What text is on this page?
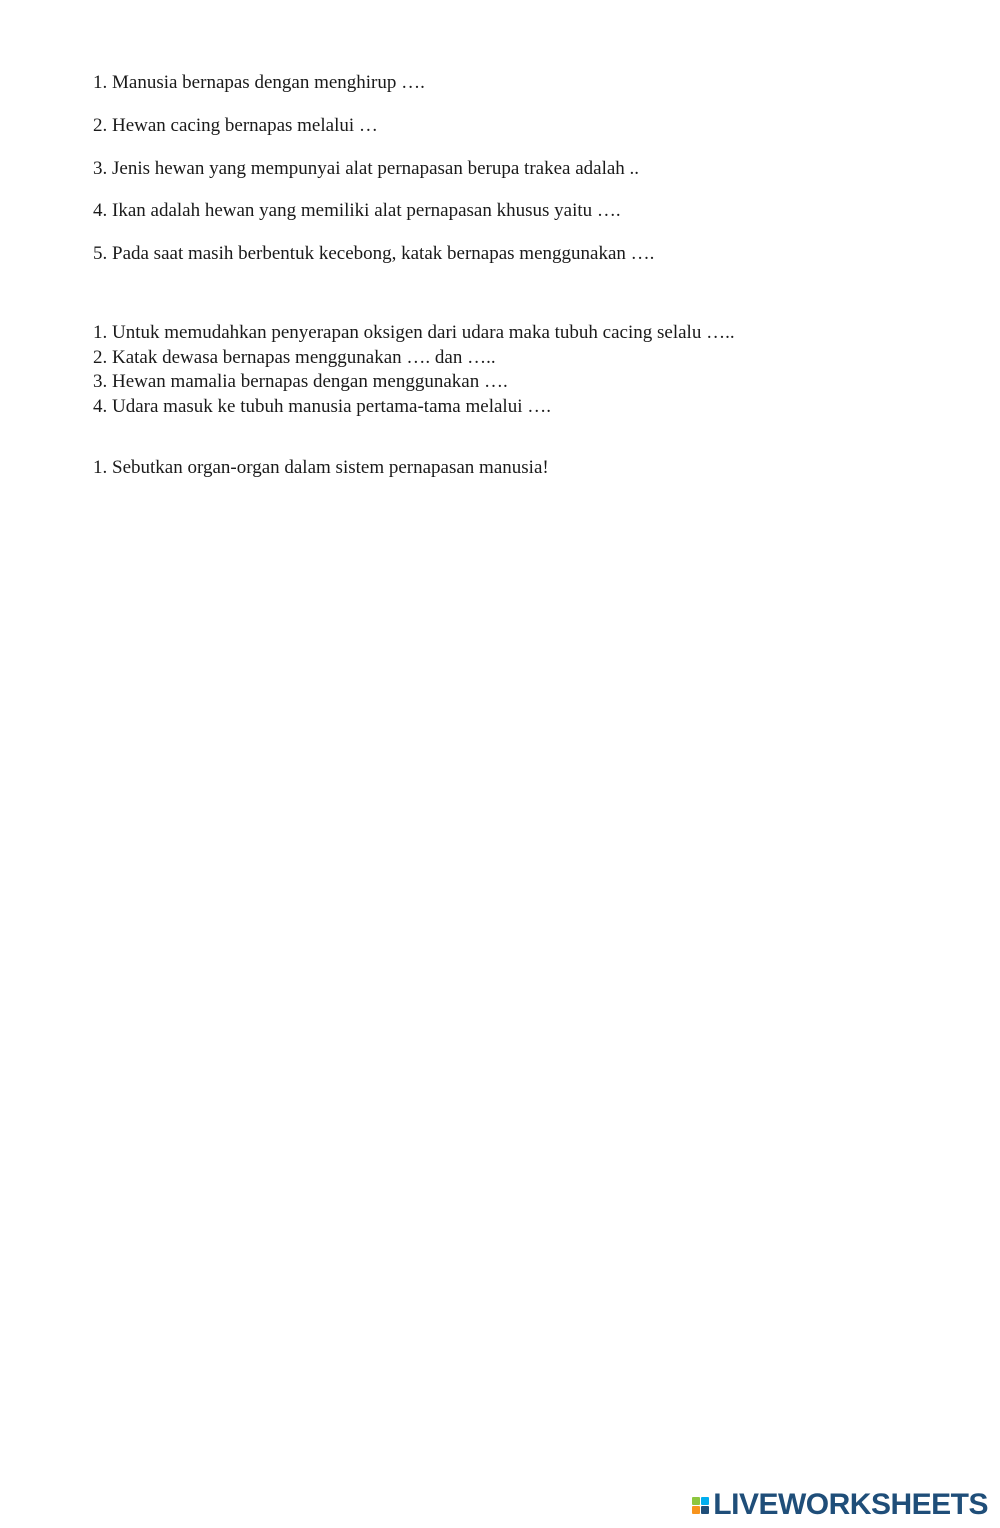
1. Manusia bernapas dengan menghirup ….
2. Hewan cacing bernapas melalui …
3. Jenis hewan yang mempunyai alat pernapasan berupa trakea adalah ..
4. Ikan adalah hewan yang memiliki alat pernapasan khusus yaitu ….
5. Pada saat masih berbentuk kecebong, katak bernapas menggunakan ….
1. Untuk memudahkan penyerapan oksigen dari udara maka tubuh cacing selalu …..
2. Katak dewasa bernapas menggunakan …. dan …..
3. Hewan mamalia bernapas dengan menggunakan ….
4. Udara masuk ke tubuh manusia pertama-tama melalui ….
1. Sebutkan organ-organ dalam sistem pernapasan manusia!
LIVEWORKSHEETS
